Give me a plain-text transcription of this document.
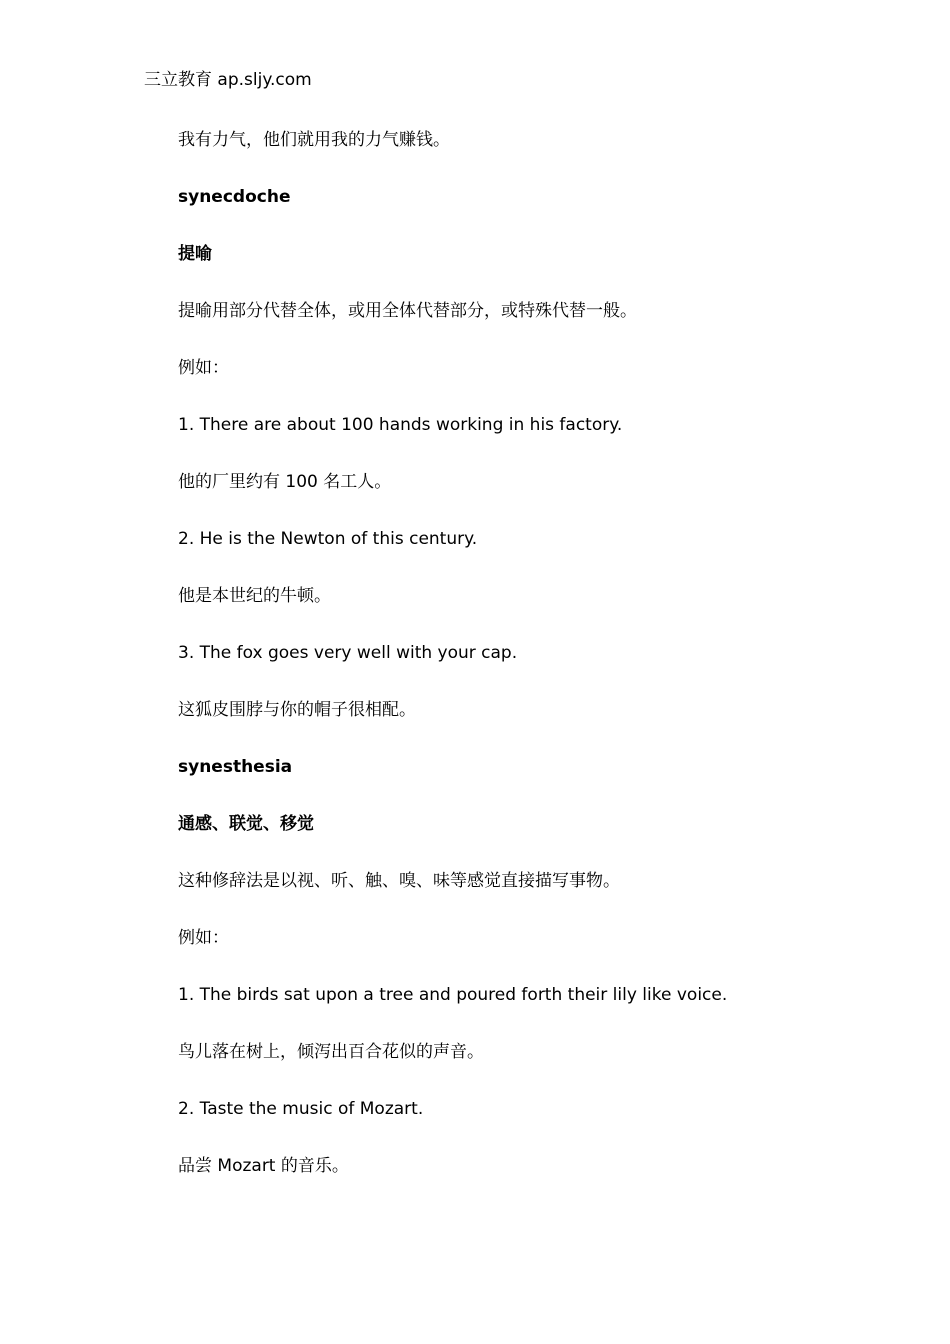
三立教育 ap.sljy.com
我有力气，他们就用我的力气赚钱。
synecdoche
提喻
提喻用部分代替全体，或用全体代替部分，或特殊代替一般。
例如：
1. There are about 100 hands working in his factory.
他的厂里约有 100 名工人。
2. He is the Newton of this century.
他是本世纪的牛顿。
3. The fox goes very well with your cap.
这狐皮围脖与你的帽子很相配。
synesthesia
通感、联觉、移觉
这种修辞法是以视、听、触、嗅、味等感觉直接描写事物。
例如：
1. The birds sat upon a tree and poured forth their lily like voice.
鸟儿落在树上，倾泻出百合花似的声音。
2. Taste the music of Mozart.
品尝 Mozart 的音乐。
